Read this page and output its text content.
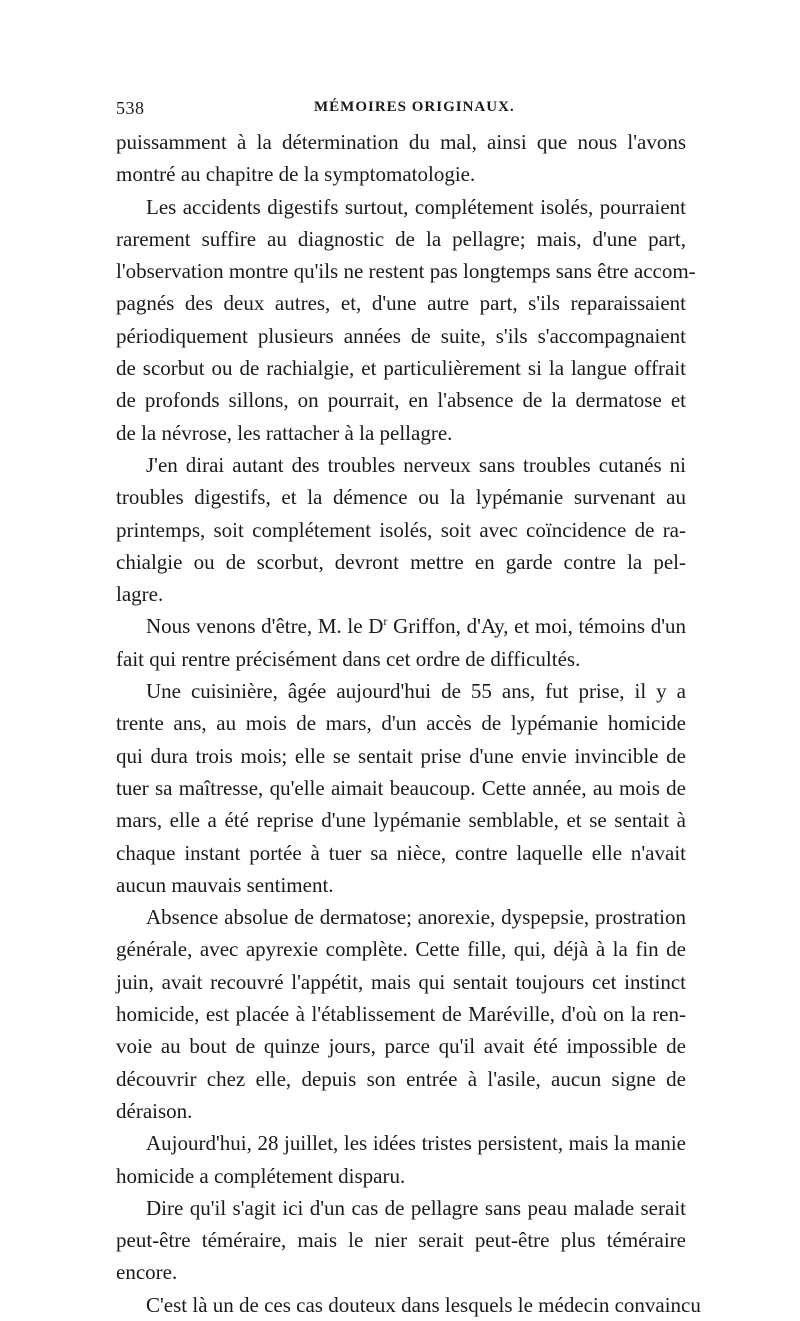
538	MÉMOIRES ORIGINAUX.
puissamment à la détermination du mal, ainsi que nous l'avons
montré au chapitre de la symptomatologie.
Les accidents digestifs surtout, complétement isolés, pourraient
rarement suffire au diagnostic de la pellagre; mais, d'une part,
l'observation montre qu'ils ne restent pas longtemps sans être accom-
pagnés des deux autres, et, d'une autre part, s'ils reparaissaient
périodiquement plusieurs années de suite, s'ils s'accompagnaient
de scorbut ou de rachialgie, et particulièrement si la langue offrait
de profonds sillons, on pourrait, en l'absence de la dermatose et
de la névrose, les rattacher à la pellagre.
J'en dirai autant des troubles nerveux sans troubles cutanés ni
troubles digestifs, et la démence ou la lypémanie survenant au
printemps, soit complétement isolés, soit avec coïncidence de ra-
chialgie ou de scorbut, devront mettre en garde contre la pel-
lagre.
Nous venons d'être, M. le $D^r$ Griffon, d'Ay, et moi, témoins d'un
fait qui rentre précisément dans cet ordre de difficultés.
Une cuisinière, âgée aujourd'hui de 55 ans, fut prise, il y a
trente ans, au mois de mars, d'un accès de lypémanie homicide
qui dura trois mois; elle se sentait prise d'une envie invincible de
tuer sa maîtresse, qu'elle aimait beaucoup. Cette année, au mois de
mars, elle a été reprise d'une lypémanie semblable, et se sentait à
chaque instant portée à tuer sa nièce, contre laquelle elle n'avait
aucun mauvais sentiment.
Absence absolue de dermatose; anorexie, dyspepsie, prostration
générale, avec apyrexie complète. Cette fille, qui, déjà à la fin de
juin, avait recouvré l'appétit, mais qui sentait toujours cet instinct
homicide, est placée à l'établissement de Maréville, d'où on la ren-
voie au bout de quinze jours, parce qu'il avait été impossible de
découvrir chez elle, depuis son entrée à l'asile, aucun signe de
déraison.
Aujourd'hui, 28 juillet, les idées tristes persistent, mais la manie
homicide a complétement disparu.
Dire qu'il s'agit ici d'un cas de pellagre sans peau malade serait
peut-être téméraire, mais le nier serait peut-être plus téméraire
encore.
C'est là un de ces cas douteux dans lesquels le médecin convaincu
